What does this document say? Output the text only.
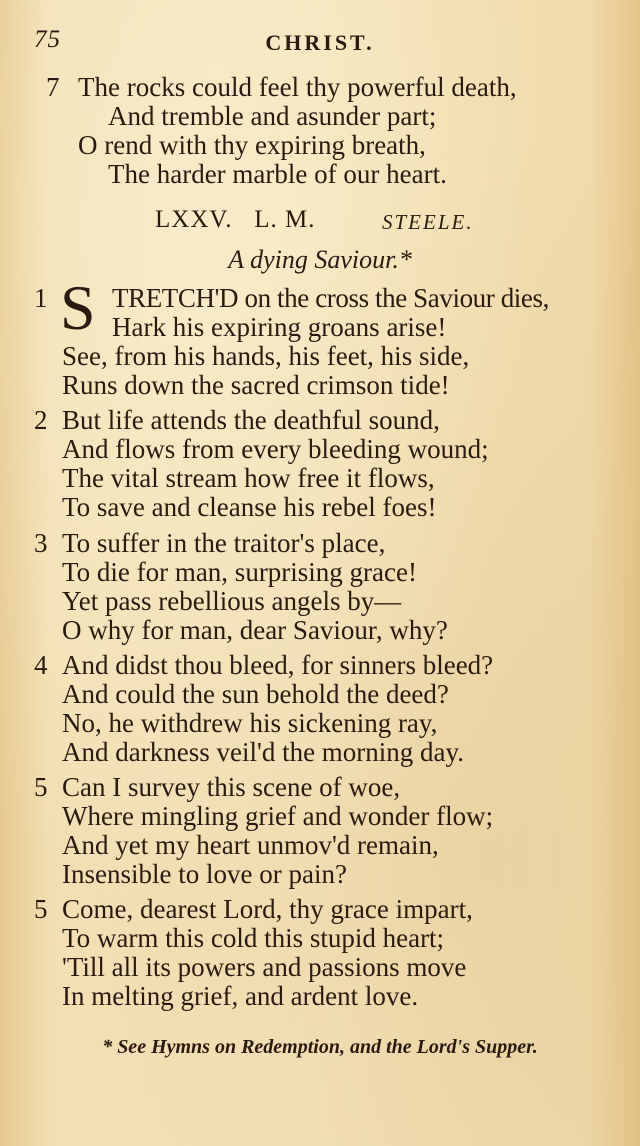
75	CHRIST.
7 The rocks could feel thy powerful death,
And tremble and asunder part;
O rend with thy expiring breath,
The harder marble of our heart.
LXXV. L. M.	STEELE.
A dying Saviour.*
1 S TRETCH'D on the cross the Saviour dies,
Hark his expiring groans arise!
See, from his hands, his feet, his side,
Runs down the sacred crimson tide!
2 But life attends the deathful sound,
And flows from every bleeding wound;
The vital stream how free it flows,
To save and cleanse his rebel foes!
3 To suffer in the traitor's place,
To die for man, surprising grace!
Yet pass rebellious angels by—
O why for man, dear Saviour, why?
4 And didst thou bleed, for sinners bleed?
And could the sun behold the deed?
No, he withdrew his sickening ray,
And darkness veil'd the morning day.
5 Can I survey this scene of woe,
Where mingling grief and wonder flow;
And yet my heart unmov'd remain,
Insensible to love or pain?
5 Come, dearest Lord, thy grace impart,
To warm this cold this stupid heart;
'Till all its powers and passions move
In melting grief, and ardent love.
* See Hymns on Redemption, and the Lord's Supper.
